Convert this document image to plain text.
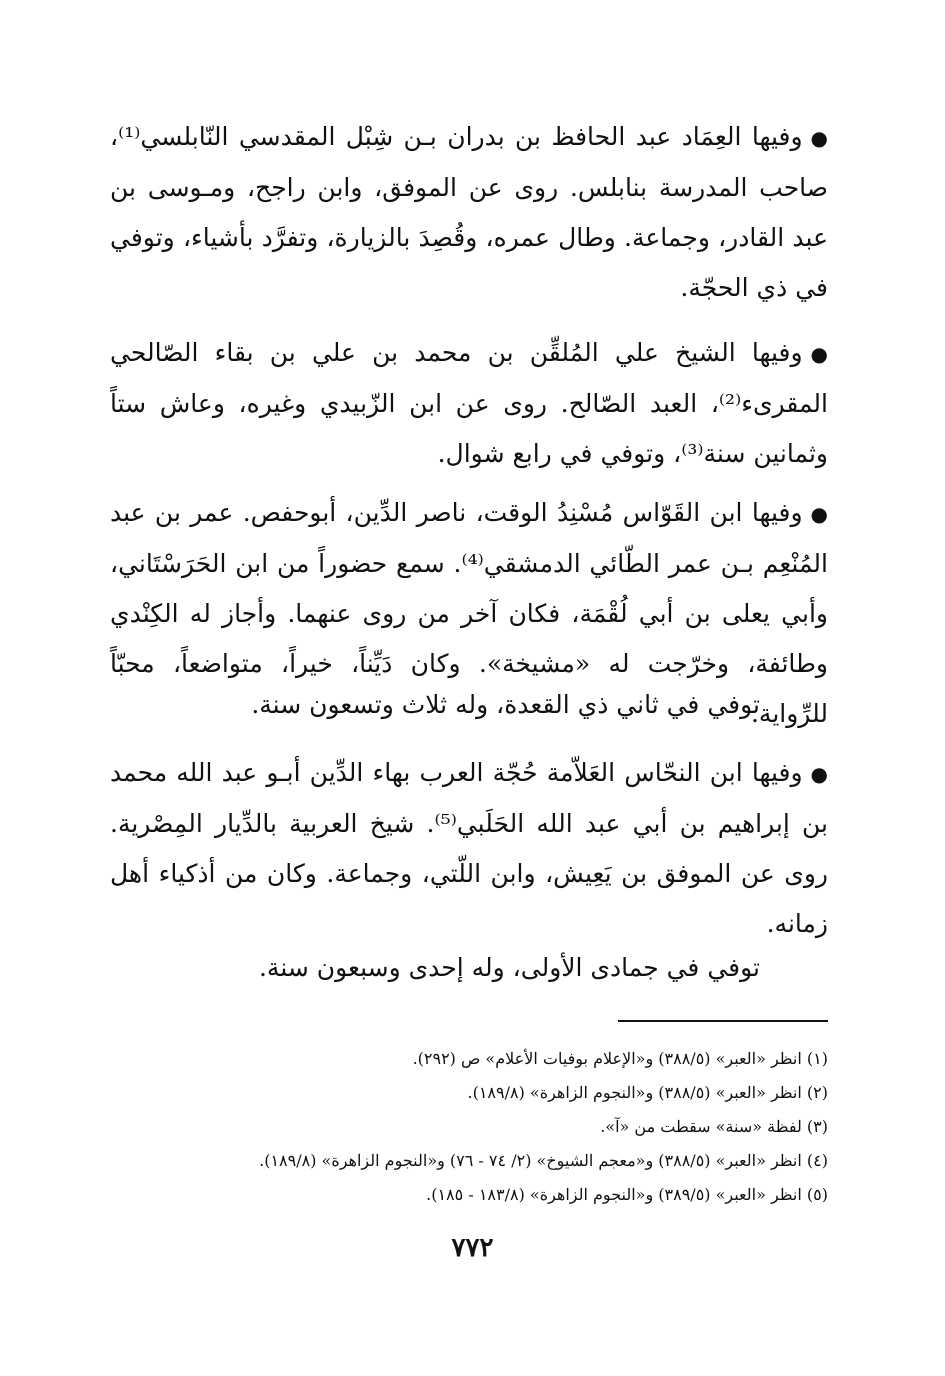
●وفيها العِمَاد عبد الحافظ بن بدران بـن شِبْل المقدسي النّابلسي⁽¹⁾، صاحب المدرسة بنابلس. روى عن الموفق، وابن راجح، ومـوسى بن عبد القادر، وجماعة. وطال عمره، وقُصِدَ بالزيارة، وتفرَّد بأشياء، وتوفي في ذي الحجّة.

●وفيها الشيخ علي المُلقِّن بن محمد بن علي بن بقاء الصّالحي المقرىء⁽²⁾، العبد الصّالح. روى عن ابن الزّبيدي وغيره، وعاش ستاً وثمانين سنة⁽³⁾، وتوفي في رابع شوال.

●وفيها ابن القَوّاس مُسْنِدُ الوقت، ناصر الدِّين، أبوحفص. عمر بن عبد المُنْعِم بـن عمر الطّائي الدمشقي⁽⁴⁾. سمع حضوراً من ابن الحَرَسْتَاني، وأبي يعلى بن أبي لُقْمَة، فكان آخر من روى عنهما. وأجاز له الكِنْدي وطائفة، وخرّجت له «مشيخة». وكان دَيِّناً، خيراً، متواضعاً، محبّاً للرِّواية.

توفي في ثاني ذي القعدة، وله ثلاث وتسعون سنة.

●وفيها ابن النحّاس العَلاّمة حُجّة العرب بهاء الدِّين أبـو عبد الله محمد بن إبراهيم بن أبي عبد الله الحَلَبي⁽⁵⁾. شيخ العربية بالدِّيار المِصْرية. روى عن الموفق بن يَعِيش، وابن اللّتي، وجماعة. وكان من أذكياء أهل زمانه.

توفي في جمادى الأولى، وله إحدى وسبعون سنة.
(١) انظر «العبر» (٣٨٨/٥) و«الإعلام بوفيات الأعلام» ص (٢٩٢).
(٢) انظر «العبر» (٣٨٨/٥) و«النجوم الزاهرة» (١٨٩/٨).
(٣) لفظة «سنة» سقطت من «آ».
(٤) انظر «العبر» (٣٨٨/٥) و«معجم الشيوخ» (٢/ ٧٤ - ٧٦) و«النجوم الزاهرة» (١٨٩/٨).
(٥) انظر «العبر» (٣٨٩/٥) و«النجوم الزاهرة» (١٨٣/٨ - ١٨٥).
٧٧٢
